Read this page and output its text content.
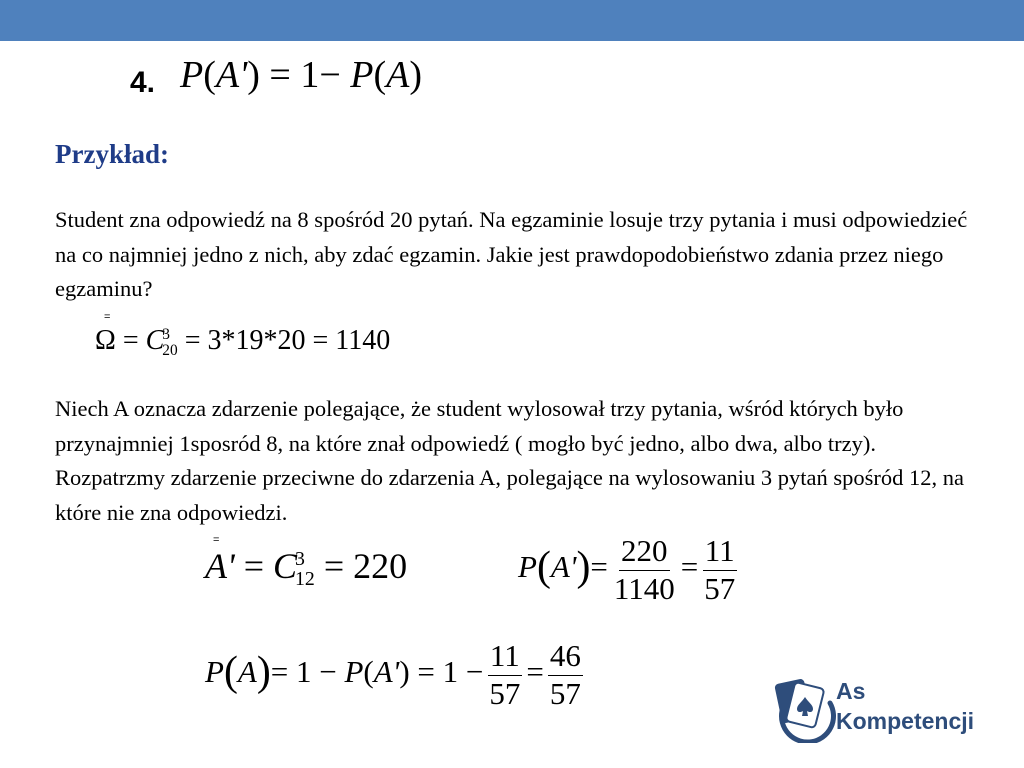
4. P(A') = 1− P(A)
Przykład:
Student zna odpowiedź na 8 spośród 20 pytań. Na egzaminie losuje trzy pytania i musi odpowiedzieć na co najmniej jedno z nich, aby zdać egzamin. Jakie jest prawdopodobieństwo zdania przez niego egzaminu?
=
Ω = C
3
20 = 3*19*20 = 1140
Niech A oznacza zdarzenie polegające, że student wylosował trzy pytania, wśród których było przynajmniej 1sposród 8, na które znał odpowiedź ( mogło być jedno, albo dwa, albo trzy). Rozpatrzmy zdarzenie przeciwne do zdarzenia A, polegające na wylosowaniu 3 pytań spośród 12, na które nie zna odpowiedzi.
=
A' = C
3
12 = 220	$P(A')= \frac{220}{1140} = \frac{11}{57}$
$P(A)= 1 - P(A') = 1 - \frac{11}{57} = \frac{46}{57}$	As
Kompetencji
